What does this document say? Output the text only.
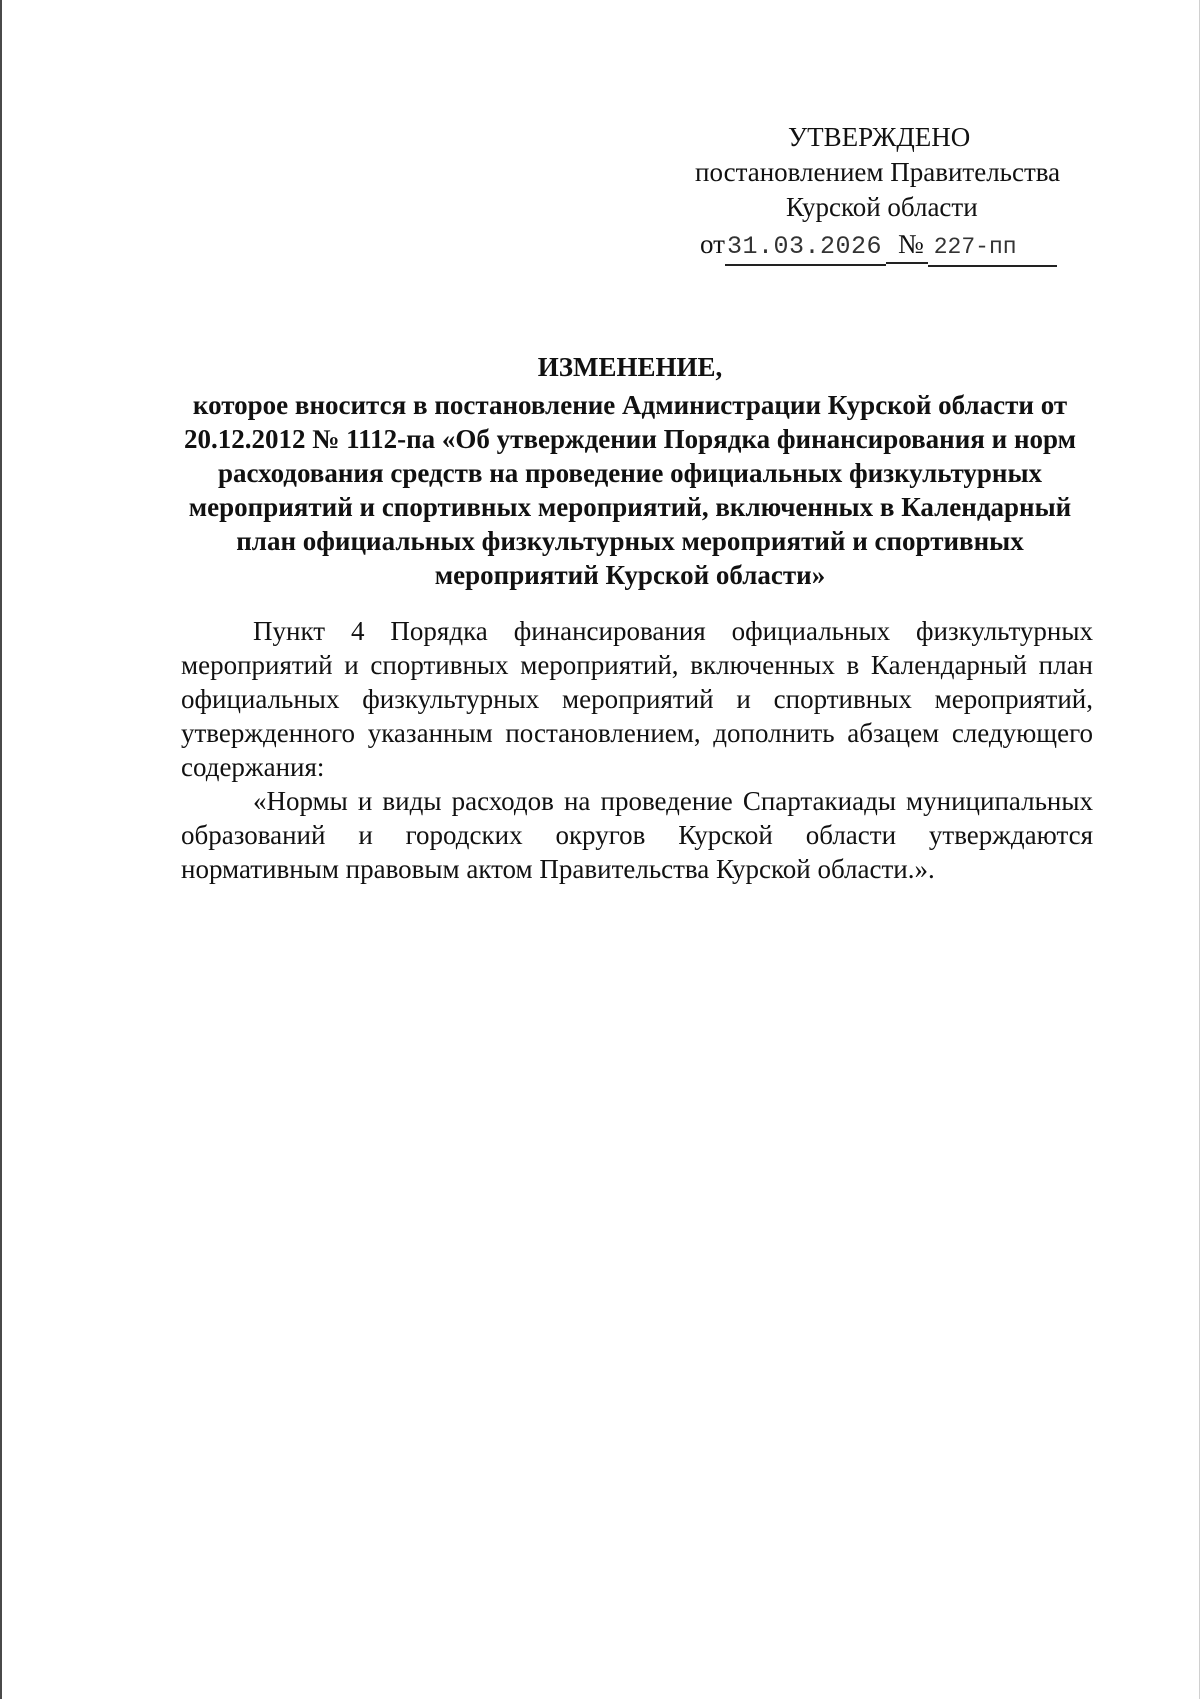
УТВЕРЖДЕНО
постановлением Правительства
Курской области
от31.03.2026 № 227-пп
ИЗМЕНЕНИЕ,
которое вносится в постановление Администрации Курской области от 20.12.2012 № 1112-па «Об утверждении Порядка финансирования и норм расходования средств на проведение официальных физкультурных мероприятий и спортивных мероприятий, включенных в Календарный план официальных физкультурных мероприятий и спортивных мероприятий Курской области»

Пункт 4 Порядка финансирования официальных физкультурных мероприятий и спортивных мероприятий, включенных в Календарный план официальных физкультурных мероприятий и спортивных мероприятий, утвержденного указанным постановлением, дополнить абзацем следующего содержания:

«Нормы и виды расходов на проведение Спартакиады муниципальных образований и городских округов Курской области утверждаются нормативным правовым актом Правительства Курской области.».
